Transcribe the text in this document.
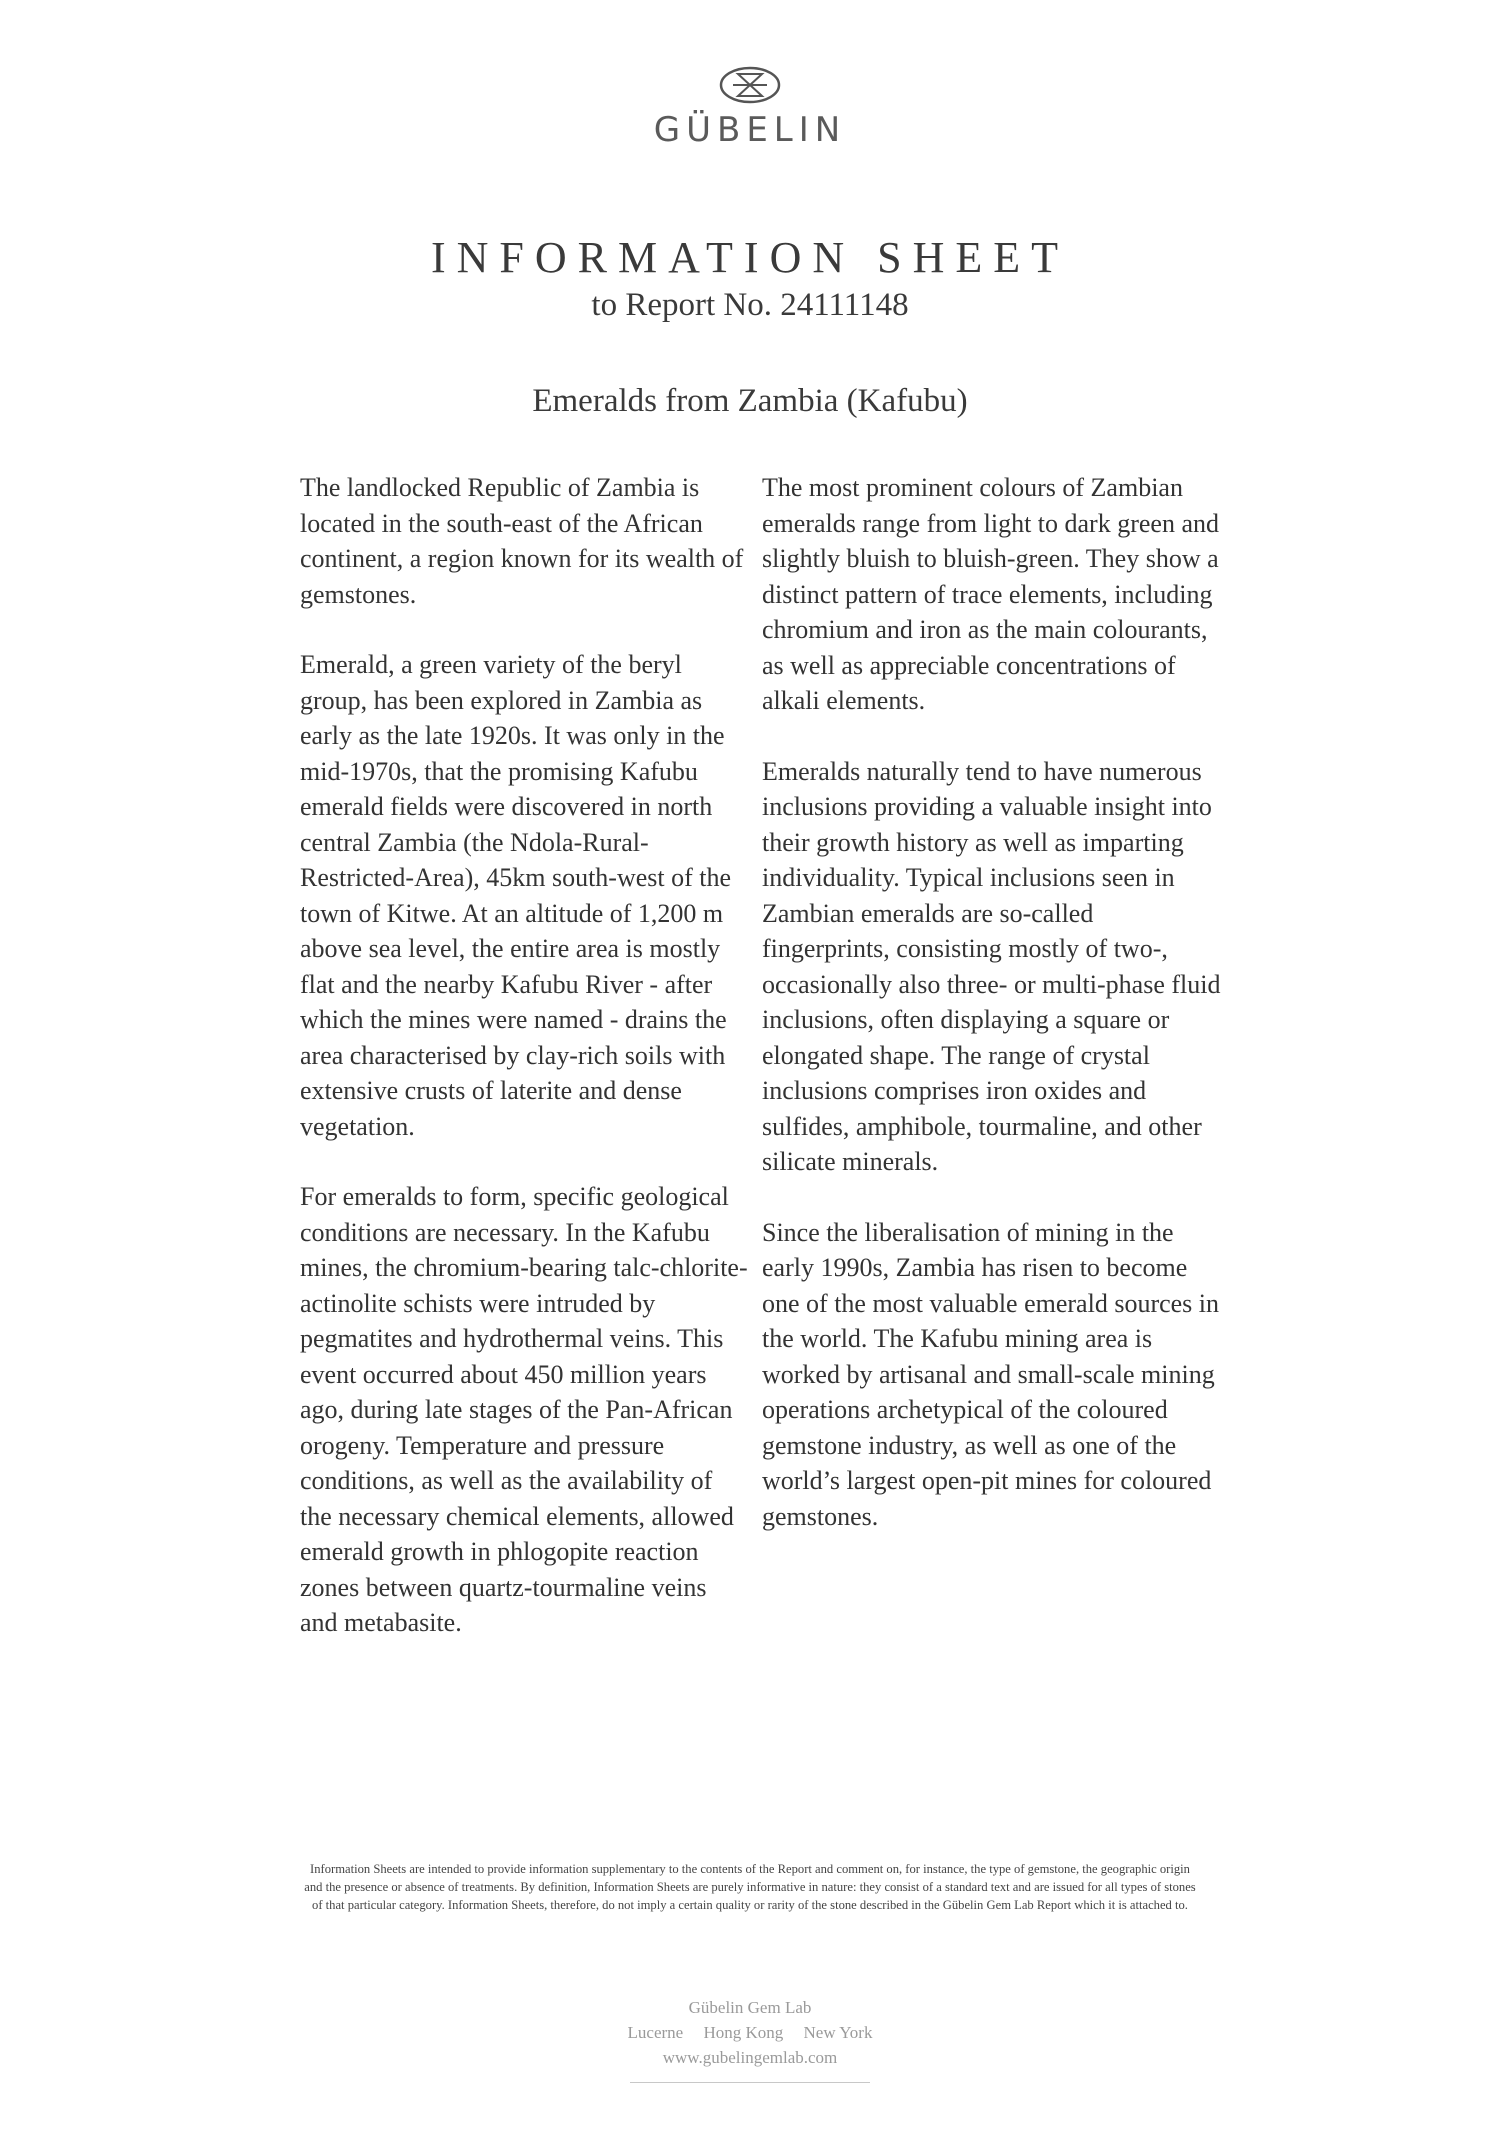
GÜBELIN
INFORMATION SHEET
to Report No. 24111148
Emeralds from Zambia (Kafubu)

The landlocked Republic of Zambia is located in the south-east of the African continent, a region known for its wealth of gemstones.

Emerald, a green variety of the beryl group, has been explored in Zambia as early as the late 1920s. It was only in the mid-1970s, that the promising Kafubu emerald fields were discovered in north central Zambia (the Ndola-Rural-Restricted-Area), 45km south-west of the town of Kitwe. At an altitude of 1,200 m above sea level, the entire area is mostly flat and the nearby Kafubu River - after which the mines were named - drains the area characterised by clay-rich soils with extensive crusts of laterite and dense vegetation.

For emeralds to form, specific geological conditions are necessary. In the Kafubu mines, the chromium-bearing talc-chlorite-actinolite schists were intruded by pegmatites and hydrothermal veins. This event occurred about 450 million years ago, during late stages of the Pan-African orogeny. Temperature and pressure conditions, as well as the availability of the necessary chemical elements, allowed emerald growth in phlogopite reaction zones between quartz-tourmaline veins and metabasite.

The most prominent colours of Zambian emeralds range from light to dark green and slightly bluish to bluish-green. They show a distinct pattern of trace elements, including chromium and iron as the main colourants, as well as appreciable concentrations of alkali elements.

Emeralds naturally tend to have numerous inclusions providing a valuable insight into their growth history as well as imparting individuality. Typical inclusions seen in Zambian emeralds are so-called fingerprints, consisting mostly of two-, occasionally also three- or multi-phase fluid inclusions, often displaying a square or elongated shape. The range of crystal inclusions comprises iron oxides and sulfides, amphibole, tourmaline, and other silicate minerals.

Since the liberalisation of mining in the early 1990s, Zambia has risen to become one of the most valuable emerald sources in the world. The Kafubu mining area is worked by artisanal and small-scale mining operations archetypical of the coloured gemstone industry, as well as one of the world’s largest open-pit mines for coloured gemstones.

Information Sheets are intended to provide information supplementary to the contents of the Report and comment on, for instance, the type of gemstone, the geographic origin and the presence or absence of treatments. By definition, Information Sheets are purely informative in nature: they consist of a standard text and are issued for all types of stones of that particular category. Information Sheets, therefore, do not imply a certain quality or rarity of the stone described in the Gübelin Gem Lab Report which it is attached to.
Gübelin Gem Lab
Lucerne Hong Kong New York
www.gubelingemlab.com
